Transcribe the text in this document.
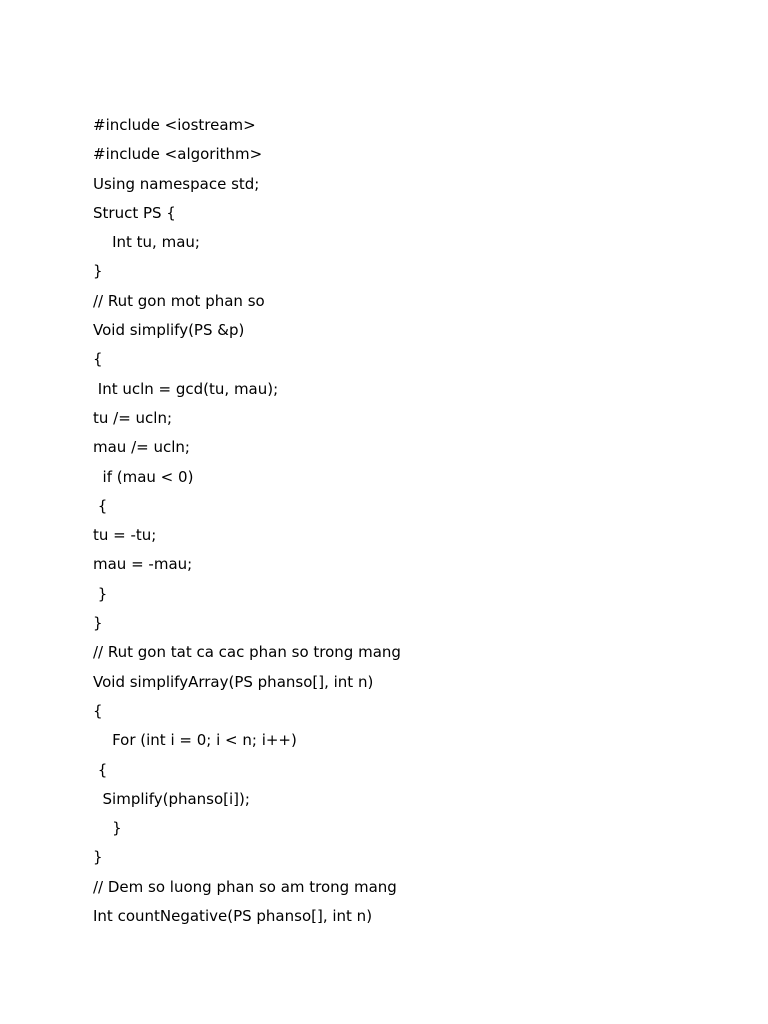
#include <iostream>
#include <algorithm>
Using namespace std;
Struct PS {
Int tu, mau;
}
// Rut gon mot phan so
Void simplify(PS &p)
{
Int ucln = gcd(tu, mau);
tu /= ucln;
mau /= ucln;
if (mau < 0)
{
tu = -tu;
mau = -mau;
}
}
// Rut gon tat ca cac phan so trong mang
Void simplifyArray(PS phanso[], int n)
{
For (int i = 0; i < n; i++)
{
Simplify(phanso[i]);
}
}
// Dem so luong phan so am trong mang
Int countNegative(PS phanso[], int n)
